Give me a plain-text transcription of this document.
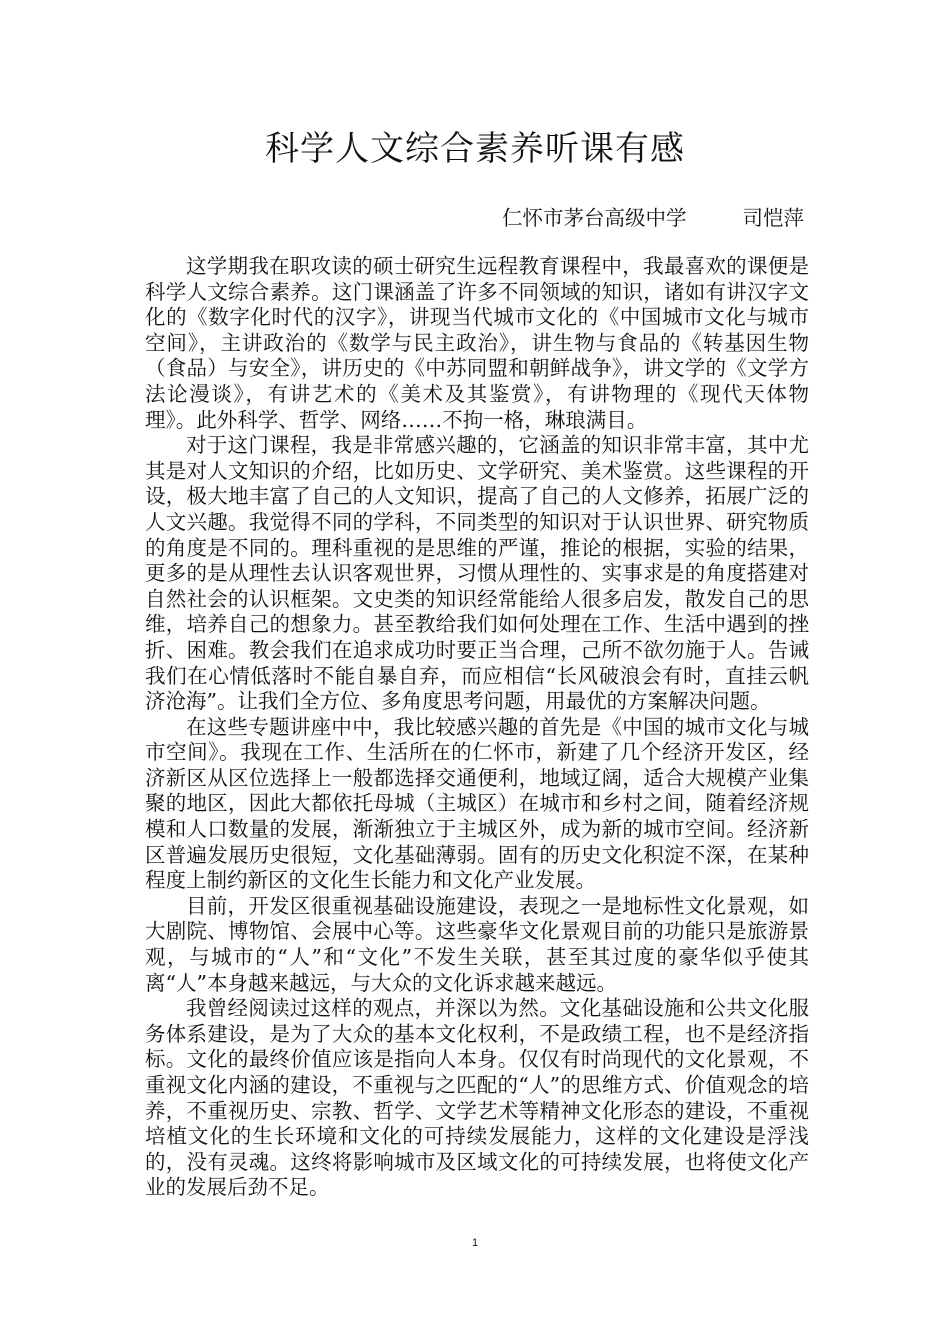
科学人文综合素养听课有感
仁怀市茅台高级中学	司恺萍

这学期我在职攻读的硕士研究生远程教育课程中，我最喜欢的课便是科学人文综合素养。这门课涵盖了许多不同领域的知识，诸如有讲汉字文化的《数字化时代的汉字》，讲现当代城市文化的《中国城市文化与城市空间》，主讲政治的《数学与民主政治》，讲生物与食品的《转基因生物（食品）与安全》，讲历史的《中苏同盟和朝鲜战争》，讲文学的《文学方法论漫谈》，有讲艺术的《美术及其鉴赏》，有讲物理的《现代天体物理》。此外科学、哲学、网络……不拘一格，琳琅满目。

对于这门课程，我是非常感兴趣的，它涵盖的知识非常丰富，其中尤其是对人文知识的介绍，比如历史、文学研究、美术鉴赏。这些课程的开设，极大地丰富了自己的人文知识，提高了自己的人文修养，拓展广泛的人文兴趣。我觉得不同的学科，不同类型的知识对于认识世界、研究物质的角度是不同的。理科重视的是思维的严谨，推论的根据，实验的结果，更多的是从理性去认识客观世界，习惯从理性的、实事求是的角度搭建对自然社会的认识框架。文史类的知识经常能给人很多启发，散发自己的思维，培养自己的想象力。甚至教给我们如何处理在工作、生活中遇到的挫折、困难。教会我们在追求成功时要正当合理，己所不欲勿施于人。告诫我们在心情低落时不能自暴自弃，而应相信“长风破浪会有时，直挂云帆济沧海”。让我们全方位、多角度思考问题，用最优的方案解决问题。

在这些专题讲座中中，我比较感兴趣的首先是《中国的城市文化与城市空间》。我现在工作、生活所在的仁怀市，新建了几个经济开发区，经济新区从区位选择上一般都选择交通便利，地域辽阔，适合大规模产业集聚的地区，因此大都依托母城（主城区）在城市和乡村之间，随着经济规模和人口数量的发展，渐渐独立于主城区外，成为新的城市空间。经济新区普遍发展历史很短，文化基础薄弱。固有的历史文化积淀不深，在某种程度上制约新区的文化生长能力和文化产业发展。

目前，开发区很重视基础设施建设，表现之一是地标性文化景观，如大剧院、博物馆、会展中心等。这些豪华文化景观目前的功能只是旅游景观，与城市的“人”和“文化”不发生关联，甚至其过度的豪华似乎使其离“人”本身越来越远，与大众的文化诉求越来越远。

我曾经阅读过这样的观点，并深以为然。文化基础设施和公共文化服务体系建设，是为了大众的基本文化权利，不是政绩工程，也不是经济指标。文化的最终价值应该是指向人本身。仅仅有时尚现代的文化景观，不重视文化内涵的建设，不重视与之匹配的“人”的思维方式、价值观念的培养，不重视历史、宗教、哲学、文学艺术等精神文化形态的建设，不重视培植文化的生长环境和文化的可持续发展能力，这样的文化建设是浮浅的，没有灵魂。这终将影响城市及区域文化的可持续发展，也将使文化产业的发展后劲不足。

1
